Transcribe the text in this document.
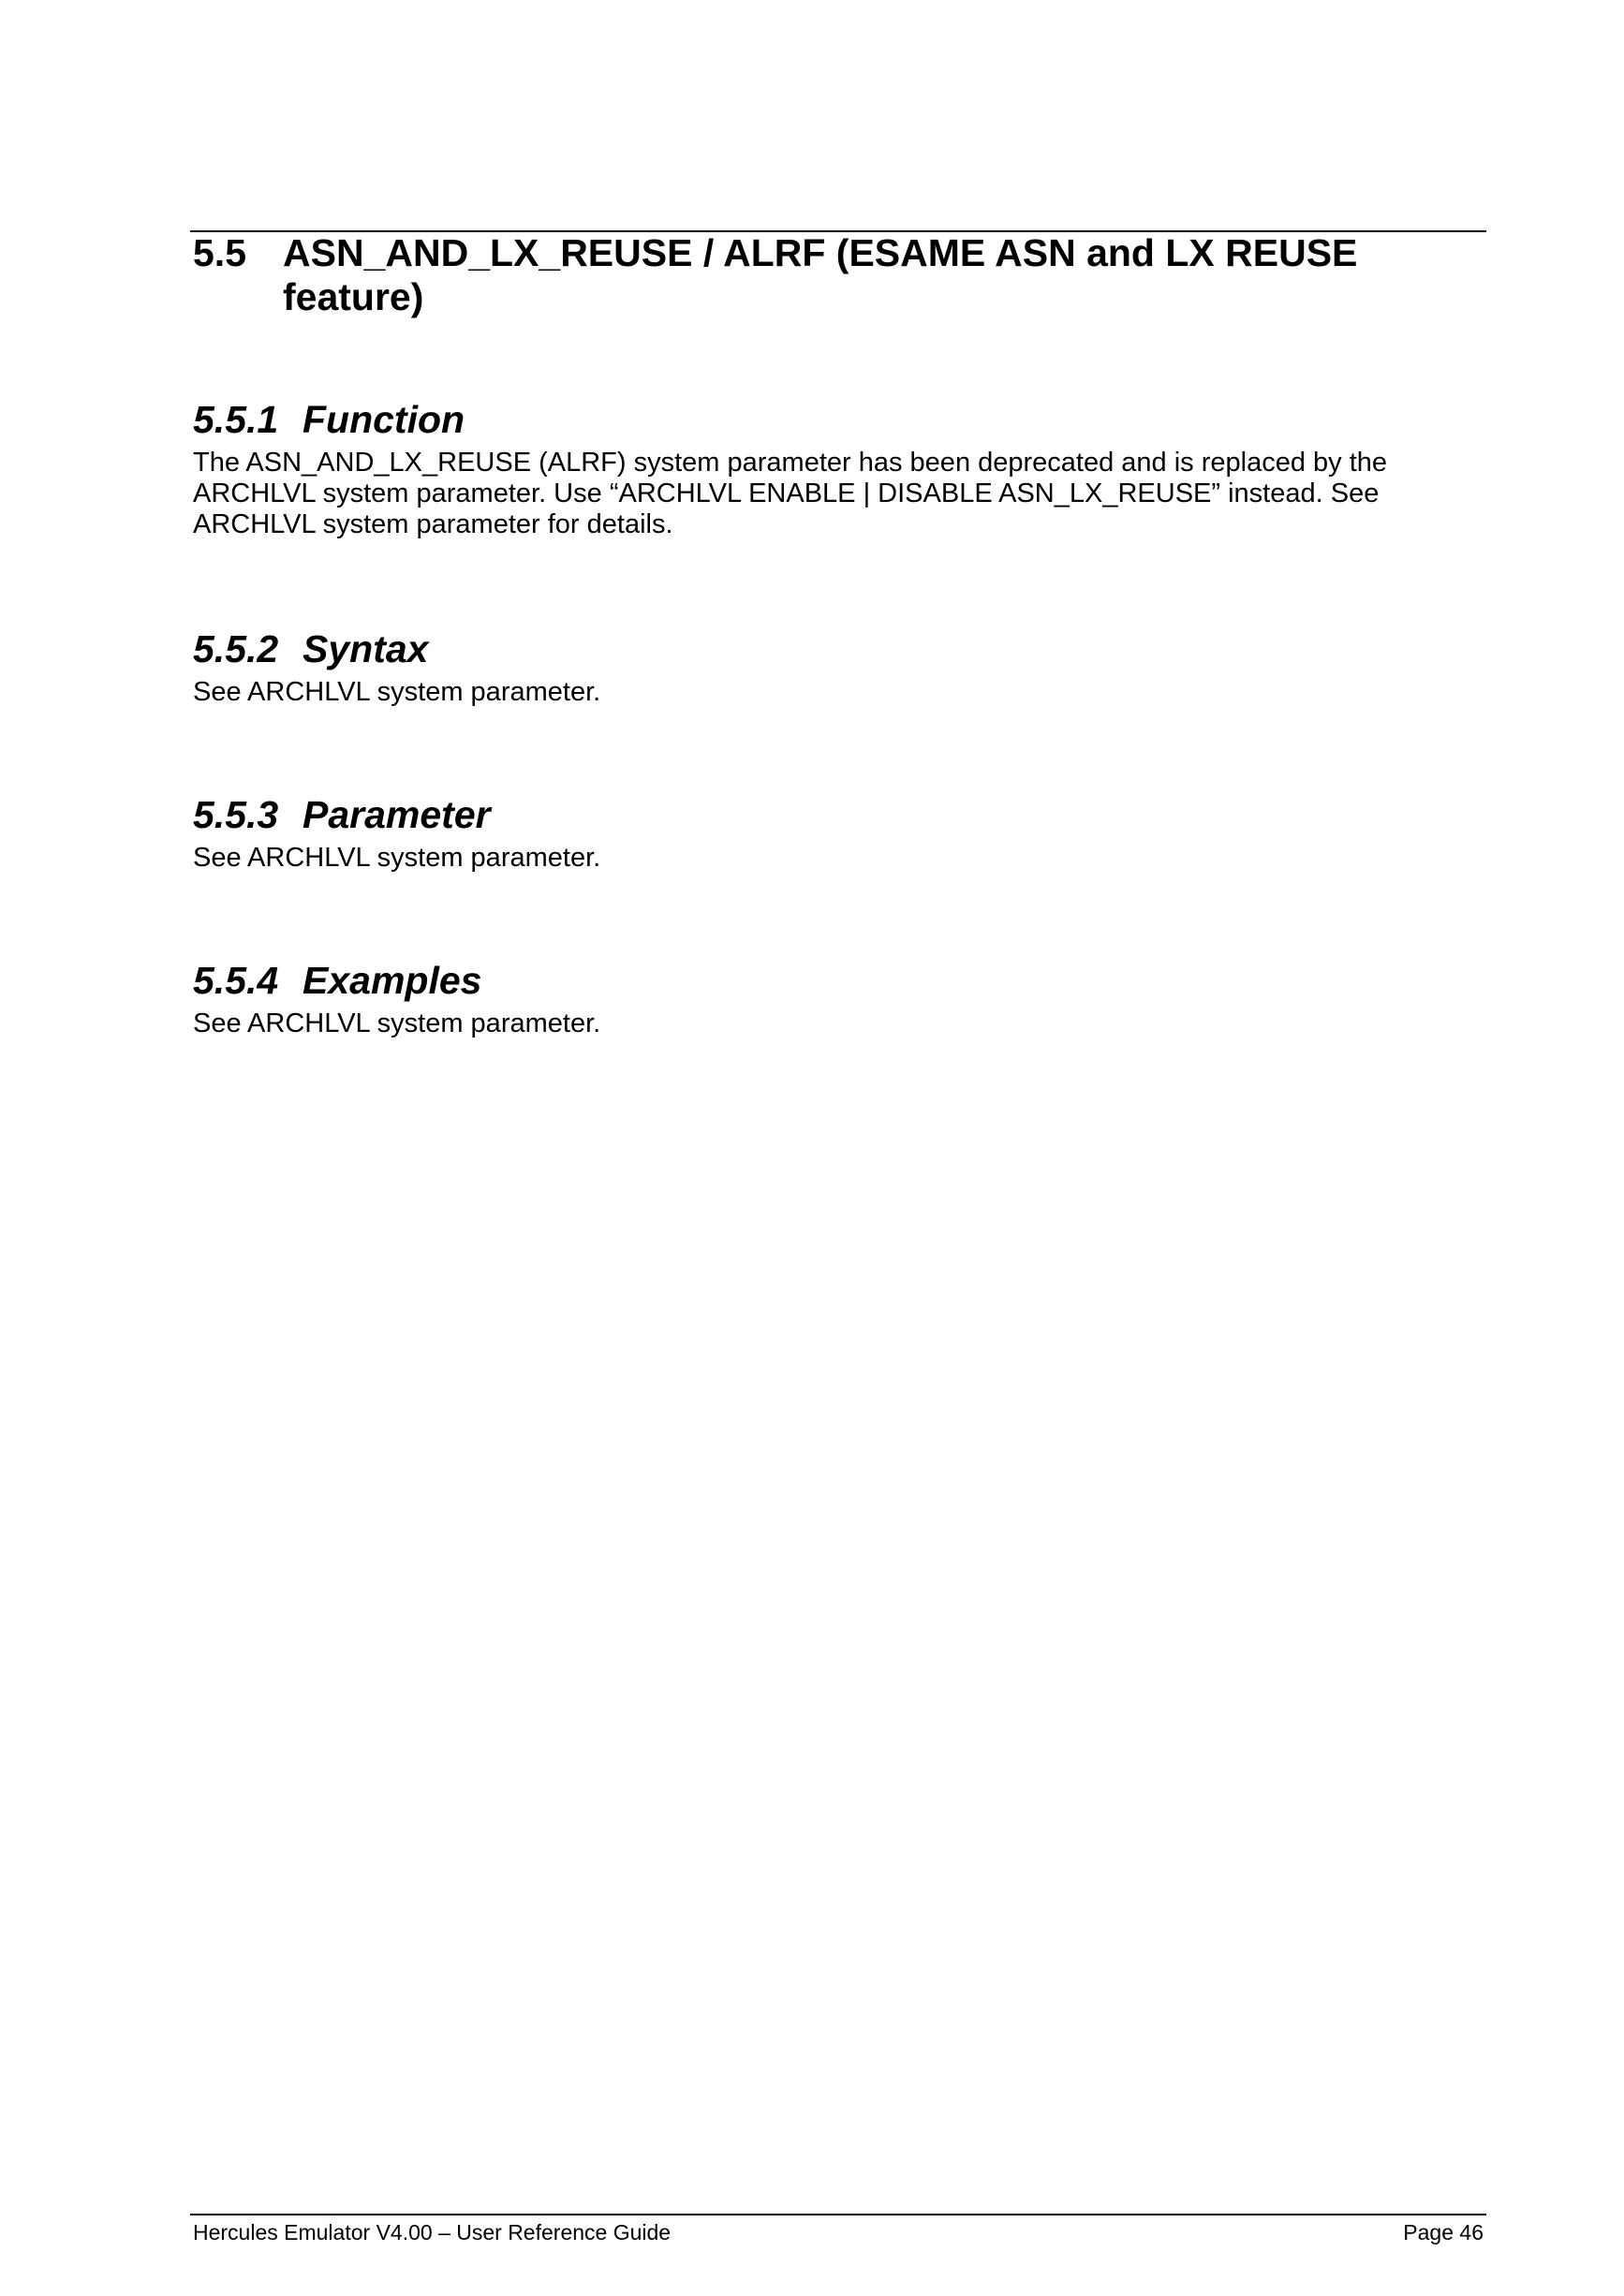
5.5 ASN_AND_LX_REUSE / ALRF (ESAME ASN and LX REUSE feature)
5.5.1 Function

The ASN_AND_LX_REUSE (ALRF) system parameter has been deprecated and is replaced by the ARCHLVL system parameter. Use “ARCHLVL ENABLE | DISABLE ASN_LX_REUSE” instead. See ARCHLVL system parameter for details.

5.5.2 Syntax

See ARCHLVL system parameter.

5.5.3 Parameter

See ARCHLVL system parameter.

5.5.4 Examples

See ARCHLVL system parameter.

Hercules Emulator V4.00 – User Reference Guide	Page 46
